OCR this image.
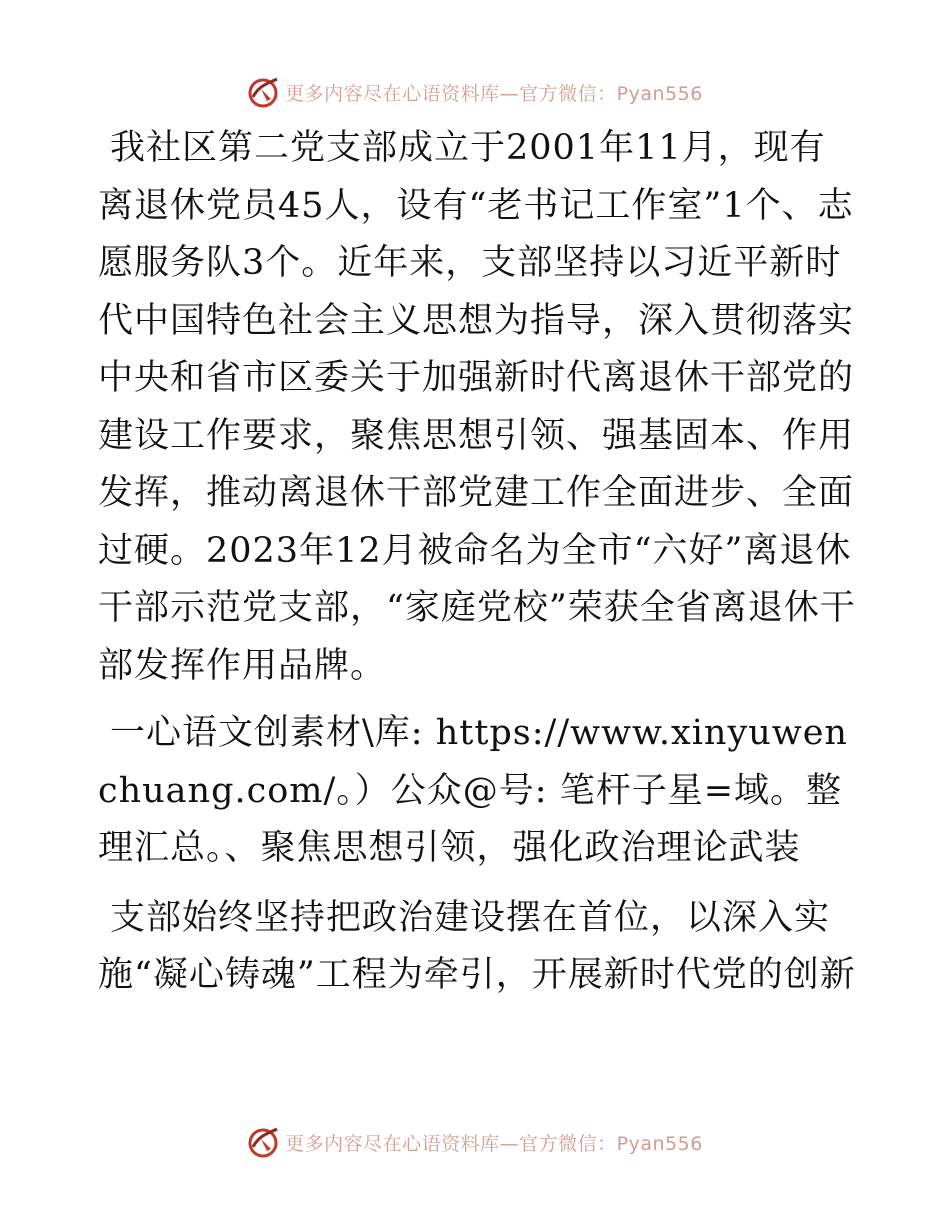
更多内容尽在心语资料库—官方微信：Pyan556

我社区第二党支部成立于2001年11月，现有离退休党员45人，设有“老书记工作室”1个、志愿服务队3个。近年来，支部坚持以习近平新时代中国特色社会主义思想为指导，深入贯彻落实中央和省市区委关于加强新时代离退休干部党的建设工作要求，聚焦思想引领、强基固本、作用发挥，推动离退休干部党建工作全面进步、全面过硬。2023年12月被命名为全市“六好”离退休干部示范党支部，“家庭党校”荣获全省离退休干部发挥作用品牌。

一心语文创素材\库: https://www.xinyuwenchuang.com/。）公众@号: 笔杆子星=域。整理汇总。、聚焦思想引领，强化政治理论武装

支部始终坚持把政治建设摆在首位，以深入实施“凝心铸魂”工程为牵引，开展新时代党的创新

更多内容尽在心语资料库—官方微信：Pyan556
